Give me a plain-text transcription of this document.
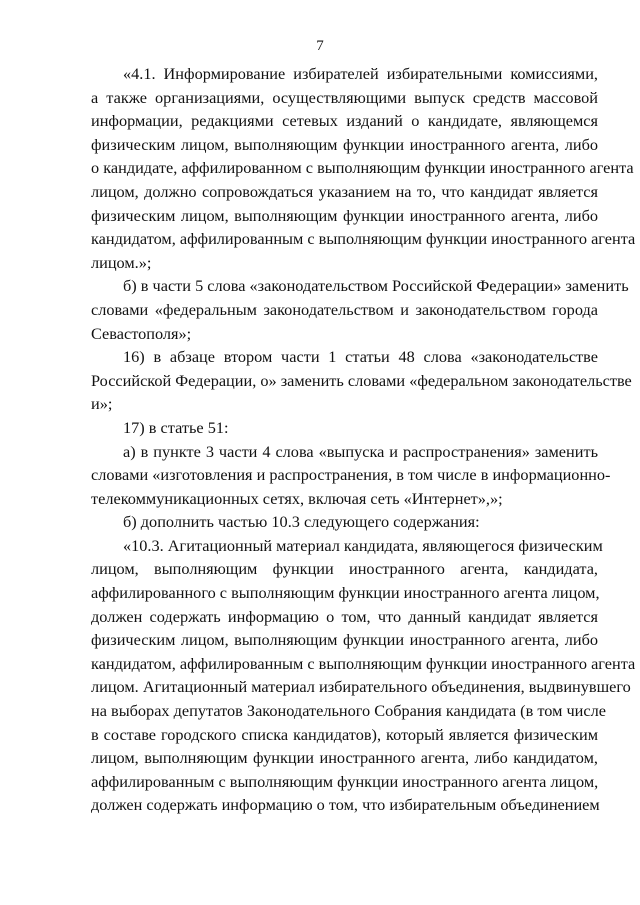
7
«4.1. Информирование избирателей избирательными комиссиями,
а также организациями, осуществляющими выпуск средств массовой
информации, редакциями сетевых изданий о кандидате, являющемся
физическим лицом, выполняющим функции иностранного агента, либо
о кандидате, аффилированном с выполняющим функции иностранного агента
лицом, должно сопровождаться указанием на то, что кандидат является
физическим лицом, выполняющим функции иностранного агента, либо
кандидатом, аффилированным с выполняющим функции иностранного агента
лицом.»;
б) в части 5 слова «законодательством Российской Федерации» заменить
словами «федеральным законодательством и законодательством города
Севастополя»;
16) в абзаце втором части 1 статьи 48 слова «законодательстве
Российской Федерации, о» заменить словами «федеральном законодательстве
и»;
17) в статье 51:
а) в пункте 3 части 4 слова «выпуска и распространения» заменить
словами «изготовления и распространения, в том числе в информационно-
телекоммуникационных сетях, включая сеть «Интернет»,»;
б) дополнить частью 10.3 следующего содержания:
«10.3. Агитационный материал кандидата, являющегося физическим
лицом, выполняющим функции иностранного агента, кандидата,
аффилированного с выполняющим функции иностранного агента лицом,
должен содержать информацию о том, что данный кандидат является
физическим лицом, выполняющим функции иностранного агента, либо
кандидатом, аффилированным с выполняющим функции иностранного агента
лицом. Агитационный материал избирательного объединения, выдвинувшего
на выборах депутатов Законодательного Собрания кандидата (в том числе
в составе городского списка кандидатов), который является физическим
лицом, выполняющим функции иностранного агента, либо кандидатом,
аффилированным с выполняющим функции иностранного агента лицом,
должен содержать информацию о том, что избирательным объединением
